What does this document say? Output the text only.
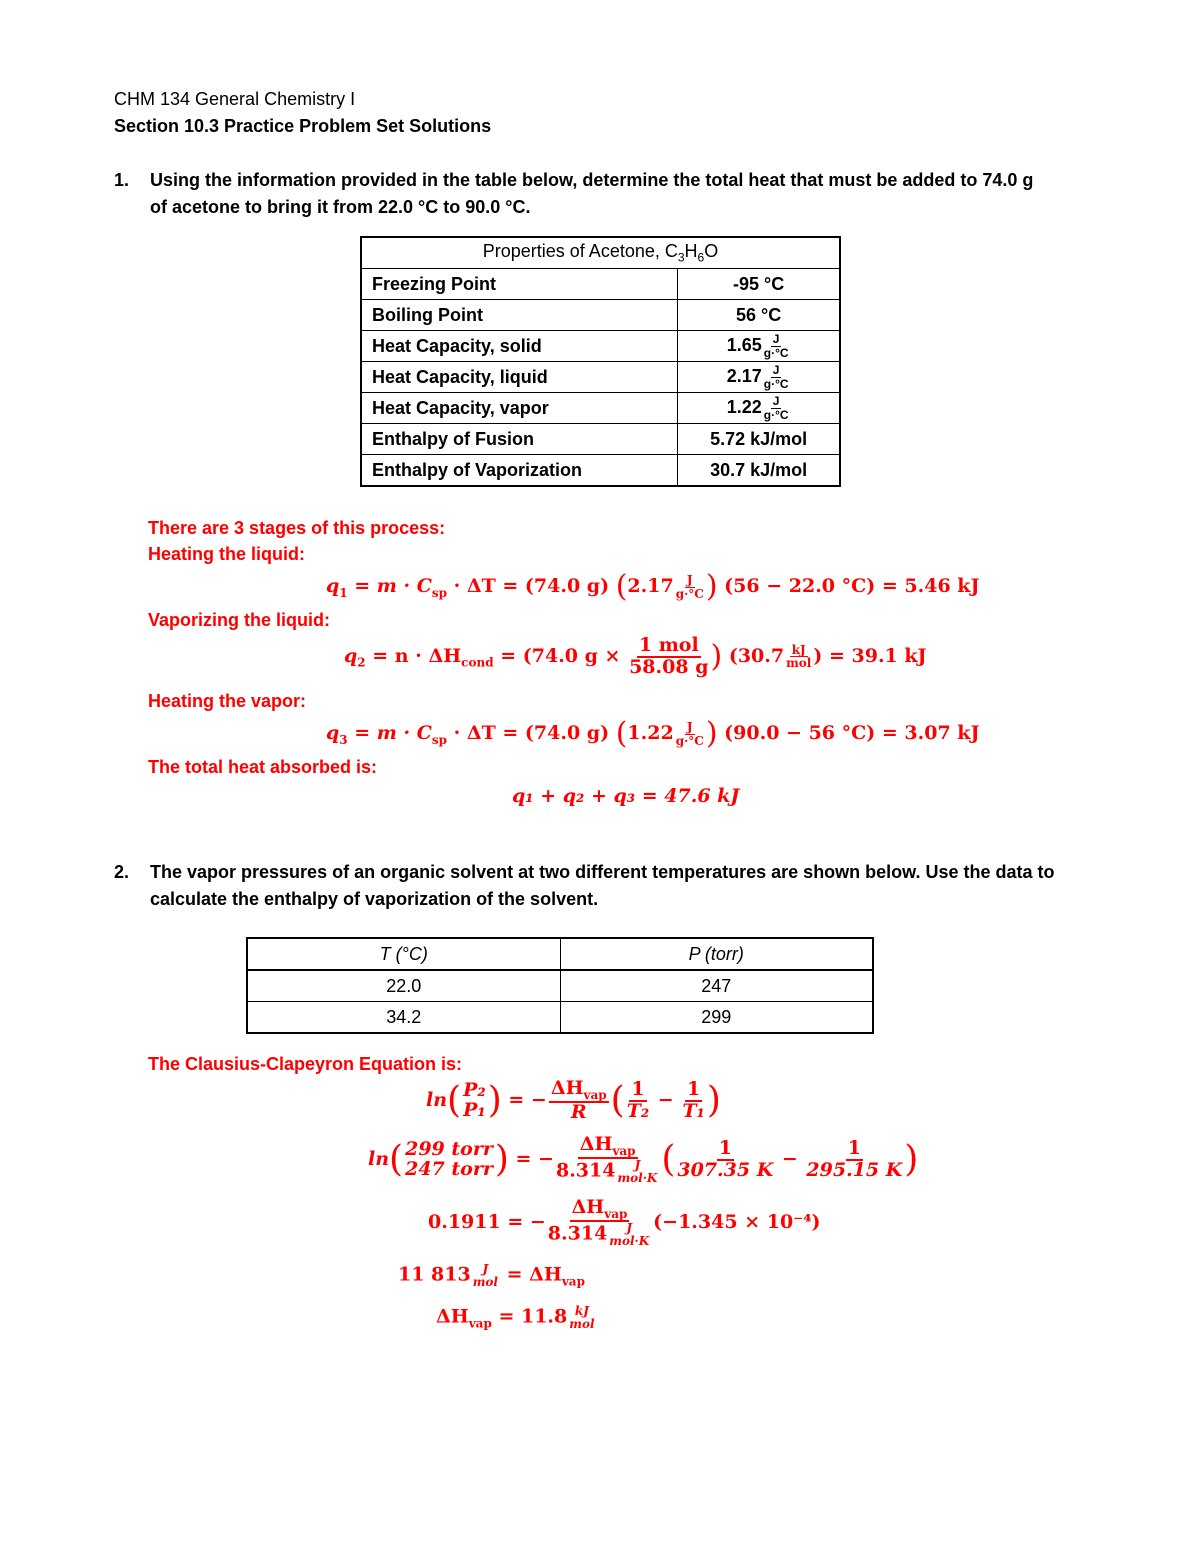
CHM 134 General Chemistry I
Section 10.3 Practice Problem Set Solutions
1. Using the information provided in the table below, determine the total heat that must be added to 74.0 g
of acetone to bring it from 22.0 °C to 90.0 °C.
Properties of Acetone, $C_3H_6O$	
Freezing Point	-95 °C
Boiling Point	56 °C
Heat Capacity, solid	$1.65 \frac{J}{g\cdot^\circ C}$

Heat Capacity, liquid	$2.17 \frac{J}{g\cdot^\circ C}$

Heat Capacity, vapor	$1.22 \frac{J}{g\cdot^\circ C}$

Enthalpy of Fusion	5.72 kJ/mol
Enthalpy of Vaporization	30.7 kJ/mol
There are 3 stages of this process:
Heating the liquid:
$q_1 = m \cdot C_{sp} \cdot \Delta T = (74.0$ g) ($2.17 \frac{J}{g\cdot^\circ C}$ ) (56 − 22.0 °C) = 5.46 kJ
Vaporizing the liquid:
$q_2 = n \cdot \Delta H_{cond} = (74.0$ $g \times \frac{\text{1 mol}}{58.08 g}$ ) ($30.7 \frac{kJ}{\text{mol}}$ ) = 39.1 kJ
Heating the vapor:
$q_3 = m \cdot C_{sp} \cdot \Delta T = (74.0$ g) ($1.22 \frac{J}{g\cdot^\circ C}$ ) (90.0 − 56 °C) = 3.07 kJ
The total heat absorbed is:
q₁ + q₂ + q₃ = 47.6 kJ
2. The vapor pressures of an organic solvent at two different temperatures are shown below. Use the data to
calculate the enthalpy of vaporization of the solvent.
T (°C)	P (torr)
22.0	247
34.2	299
The Clausius-Clapeyron Equation is:
ln( P₂
P₁ ) = − $\frac{\Delta H_{vap}}{R}$ ( $\frac{1}{\text{T₂}} - \frac{1}{\text{T₁}}$ )
ln( 299 torr
247 torr ) = − $\Delta H_{vap}$
8.314 J
mol·K ( $\frac{1}{307.35 K} - \frac{1}{295.15 K}$ )
0.1911 = − $\Delta H_{vap}$
8.314 J
mol·K (−1.345 × 10⁻⁴)
11 813 J
mol = $\Delta H_{vap}$
$\Delta H_{vap} = 11.8$ kJ
mol
